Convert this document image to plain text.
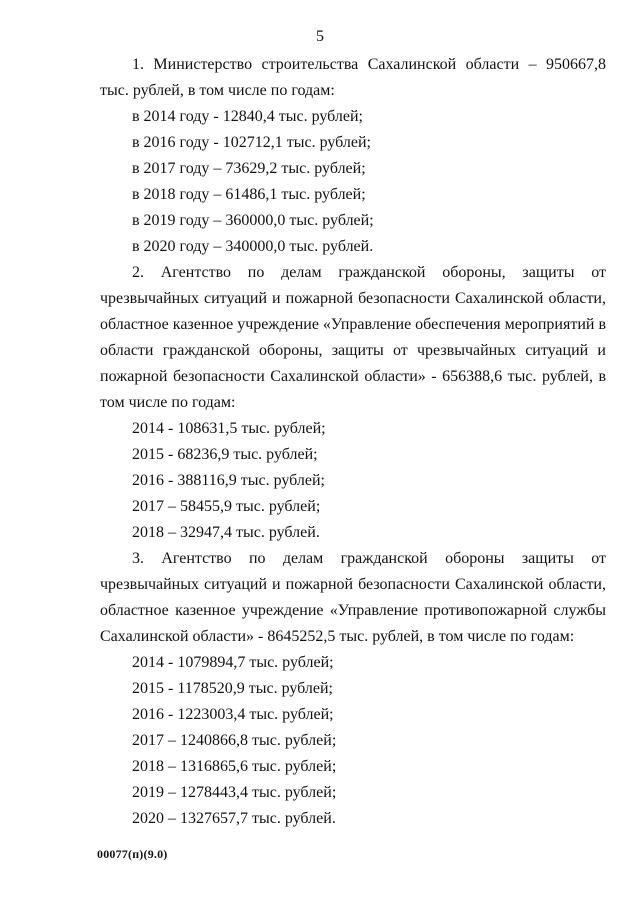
5

1. Министерство строительства Сахалинской области – 950667,8 тыс. рублей, в том числе по годам:

в 2014 году - 12840,4 тыс. рублей;

в 2016 году - 102712,1 тыс. рублей;

в 2017 году – 73629,2 тыс. рублей;

в 2018 году – 61486,1 тыс. рублей;

в 2019 году – 360000,0 тыс. рублей;

в 2020 году – 340000,0 тыс. рублей.

2. Агентство по делам гражданской обороны, защиты от чрезвычайных ситуаций и пожарной безопасности Сахалинской области, областное казенное учреждение «Управление обеспечения мероприятий в области гражданской обороны, защиты от чрезвычайных ситуаций и пожарной безопасности Сахалинской области» - 656388,6 тыс. рублей, в том числе по годам:

2014 - 108631,5 тыс. рублей;

2015 - 68236,9 тыс. рублей;

2016 - 388116,9 тыс. рублей;

2017 – 58455,9 тыс. рублей;

2018 – 32947,4 тыс. рублей.

3. Агентство по делам гражданской обороны защиты от чрезвычайных ситуаций и пожарной безопасности Сахалинской области, областное казенное учреждение «Управление противопожарной службы Сахалинской области» - 8645252,5 тыс. рублей, в том числе по годам:

2014 - 1079894,7 тыс. рублей;

2015 - 1178520,9 тыс. рублей;

2016 - 1223003,4 тыс. рублей;

2017 – 1240866,8 тыс. рублей;

2018 – 1316865,6 тыс. рублей;

2019 – 1278443,4 тыс. рублей;

2020 – 1327657,7 тыс. рублей.

00077(п)(9.0)
